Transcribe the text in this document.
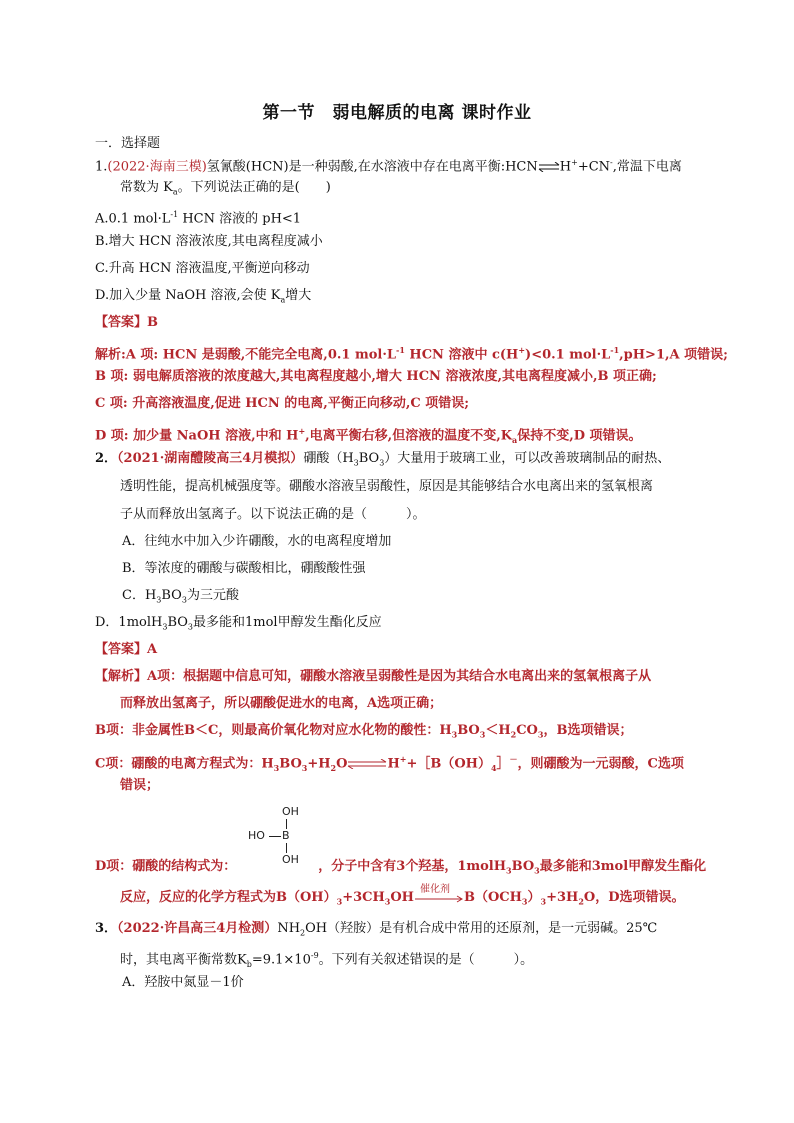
第一节　弱电解质的电离 课时作业
一．选择题
1.(2022·海南三模)氢氰酸(HCN)是一种弱酸,在水溶液中存在电离平衡:HCN⇌H++CN-,常温下电离
常数为 $K_a$。下列说法正确的是(　　)
A.0.1 $mol\cdot L^{-1}$ HCN 溶液的 pH<1
B.增大 HCN 溶液浓度,其电离程度减小
C.升高 HCN 溶液温度,平衡逆向移动
D.加入少量 NaOH 溶液,会使 $K_a$增大
【答案】B
解析:A 项: HCN 是弱酸,不能完全电离,0.1 $mol\cdot L^{-1}$ HCN 溶液中 c(H+)<0.1 $mol\cdot L^{-1},pH>1,A$ 项错误;
B 项: 弱电解质溶液的浓度越大,其电离程度越小,增大 HCN 溶液浓度,其电离程度减小,B 项正确;
C 项: 升高溶液温度,促进 HCN 的电离,平衡正向移动,C 项错误;
D 项: 加少量 NaOH 溶液,中和 H+,电离平衡右移,但溶液的温度不变$,K_a$保持不变,D 项错误。
2．（2021·湖南醴陵高三4月模拟）硼酸$(H_3BO_3)$大量用于玻璃工业，可以改善玻璃制品的耐热、
透明性能，提高机械强度等。硼酸水溶液呈弱酸性，原因是其能够结合水电离出来的氢氧根离
子从而释放出氢离子。以下说法正确的是（　　　）。
A．往纯水中加入少许硼酸，水的电离程度增加
B．等浓度的硼酸与碳酸相比，硼酸酸性强
C．$H_3BO_3$为三元酸
D．$1molH_3BO_3$最多能和1mol甲醇发生酯化反应
【答案】A
【解析】A项：根据题中信息可知，硼酸水溶液呈弱酸性是因为其结合水电离出来的氢氧根离子从
而释放出氢离子，所以硼酸促进水的电离，A选项正确；
B项：非金属性B＜C，则最高价氧化物对应水化物的酸性：$H_3BO_3<H_2CO_3$，B选项错误；
C项：硼酸的电离方程式为：$H_3BO_3+H_2O\rightleftharpoons H^++[B(OH)_4]^-$，则硼酸为一元弱酸，C选项
错误；
OH
HO B
OH
D项：硼酸的结构式为：	，分子中含有3个羟基，$1molH_3BO_3$最多能和3mol甲醇发生酯化
反应，反应的化学方程式为$B(OH)_3+3CH_3OH$
催化剂
$B(OCH_3)_3+3H_2O$，D选项错误。
3．（2022·许昌高三4月检测）$NH_2OH$（羟胺）是有机合成中常用的还原剂，是一元弱碱。25℃
时，其电离平衡常数$K_b=9.1\times 10^{-9}$。下列有关叙述错误的是（　　　）。
A．羟胺中氮显－1价
